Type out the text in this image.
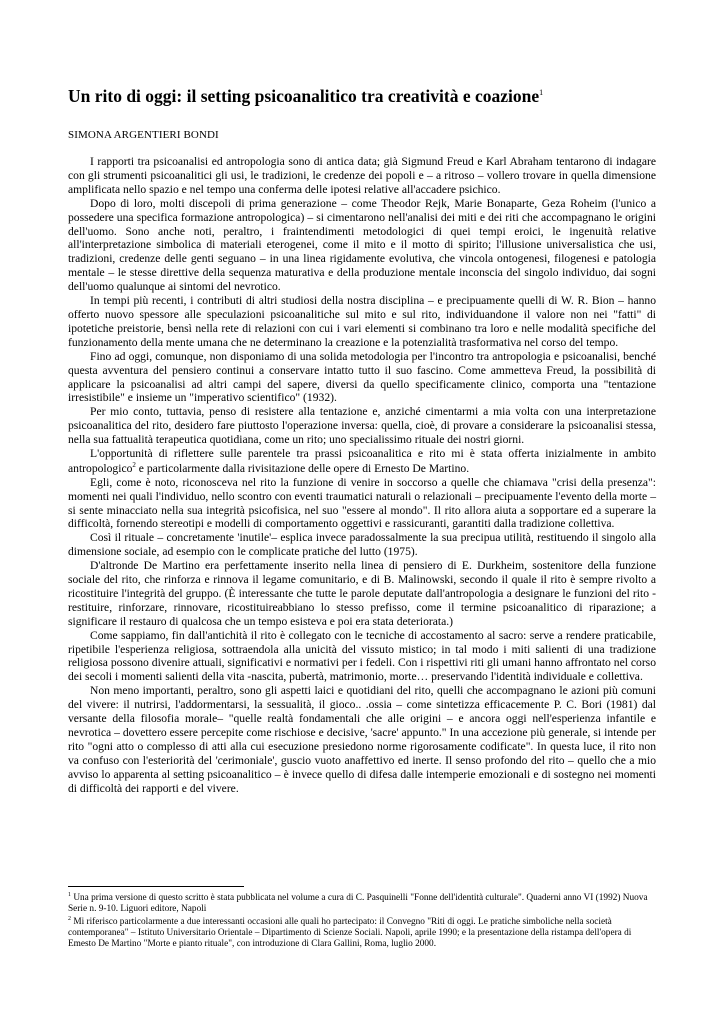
Un rito di oggi: il setting psicoanalitico tra creatività e coazione$^1$
SIMONA ARGENTIERI BONDI

I rapporti tra psicoanalisi ed antropologia sono di antica data; già Sigmund Freud e Karl Abraham tentarono di indagare con gli strumenti psicoanalitici gli usi, le tradizioni, le credenze dei popoli e – a ritroso – vollero trovare in quella dimensione amplificata nello spazio e nel tempo una conferma delle ipotesi relative all'accadere psichico.

Dopo di loro, molti discepoli di prima generazione – come Theodor Rejk, Marie Bonaparte, Geza Roheim (l'unico a possedere una specifica formazione antropologica) – si cimentarono nell'analisi dei miti e dei riti che accompagnano le origini dell'uomo. Sono anche noti, peraltro, i fraintendimenti metodologici di quei tempi eroici, le ingenuità relative all'interpretazione simbolica di materiali eterogenei, come il mito e il motto di spirito; l'illusione universalistica che usi, tradizioni, credenze delle genti seguano – in una linea rigidamente evolutiva, che vincola ontogenesi, filogenesi e patologia mentale – le stesse direttive della sequenza maturativa e della produzione mentale inconscia del singolo individuo, dai sogni dell'uomo qualunque ai sintomi del nevrotico.

In tempi più recenti, i contributi di altri studiosi della nostra disciplina – e precipuamente quelli di W. R. Bion – hanno offerto nuovo spessore alle speculazioni psicoanalitiche sul mito e sul rito, individuandone il valore non nei "fatti" di ipotetiche preistorie, bensì nella rete di relazioni con cui i vari elementi si combinano tra loro e nelle modalità specifiche del funzionamento della mente umana che ne determinano la creazione e la potenzialità trasformativa nel corso del tempo.

Fino ad oggi, comunque, non disponiamo di una solida metodologia per l'incontro tra antropologia e psicoanalisi, benché questa avventura del pensiero continui a conservare intatto tutto il suo fascino. Come ammetteva Freud, la possibilità di applicare la psicoanalisi ad altri campi del sapere, diversi da quello specificamente clinico, comporta una "tentazione irresistibile" e insieme un "imperativo scientifico" (1932).

Per mio conto, tuttavia, penso di resistere alla tentazione e, anziché cimentarmi a mia volta con una interpretazione psicoanalitica del rito, desidero fare piuttosto l'operazione inversa: quella, cioè, di provare a considerare la psicoanalisi stessa, nella sua fattualità terapeutica quotidiana, come un rito; uno specialissimo rituale dei nostri giorni.

L'opportunità di riflettere sulle parentele tra prassi psicoanalitica e rito mi è stata offerta inizialmente in ambito antropologico$^2$ e particolarmente dalla rivisitazione delle opere di Ernesto De Martino.

Egli, come è noto, riconosceva nel rito la funzione di venire in soccorso a quelle che chiamava "crisi della presenza": momenti nei quali l'individuo, nello scontro con eventi traumatici naturali o relazionali – precipuamente l'evento della morte – si sente minacciato nella sua integrità psicofisica, nel suo "essere al mondo". Il rito allora aiuta a sopportare ed a superare la difficoltà, fornendo stereotipi e modelli di comportamento oggettivi e rassicuranti, garantiti dalla tradizione collettiva.

Così il rituale – concretamente 'inutile'– esplica invece paradossalmente la sua precipua utilità, restituendo il singolo alla dimensione sociale, ad esempio con le complicate pratiche del lutto (1975).

D'altronde De Martino era perfettamente inserito nella linea di pensiero di E. Durkheim, sostenitore della funzione sociale del rito, che rinforza e rinnova il legame comunitario, e di B. Malinowski, secondo il quale il rito è sempre rivolto a ricostituire l'integrità del gruppo. (È interessante che tutte le parole deputate dall'antropologia a designare le funzioni del rito -restituire, rinforzare, rinnovare, ricostituireabbiano lo stesso prefisso, come il termine psicoanalitico di riparazione; a significare il restauro di qualcosa che un tempo esisteva e poi era stata deteriorata.)

Come sappiamo, fin dall'antichità il rito è collegato con le tecniche di accostamento al sacro: serve a rendere praticabile, ripetibile l'esperienza religiosa, sottraendola alla unicità del vissuto mistico; in tal modo i miti salienti di una tradizione religiosa possono divenire attuali, significativi e normativi per i fedeli. Con i rispettivi riti gli umani hanno affrontato nel corso dei secoli i momenti salienti della vita -nascita, pubertà, matrimonio, morte… preservando l'identità individuale e collettiva.

Non meno importanti, peraltro, sono gli aspetti laici e quotidiani del rito, quelli che accompagnano le azioni più comuni del vivere: il nutrirsi, l'addormentarsi, la sessualità, il gioco.. .ossia – come sintetizza efficacemente P. C. Bori (1981) dal versante della filosofia morale– "quelle realtà fondamentali che alle origini – e ancora oggi nell'esperienza infantile e nevrotica – dovettero essere percepite come rischiose e decisive, 'sacre' appunto." In una accezione più generale, si intende per rito "ogni atto o complesso di atti alla cui esecuzione presiedono norme rigorosamente codificate". In questa luce, il rito non va confuso con l'esteriorità del 'cerimoniale', guscio vuoto anaffettivo ed inerte. Il senso profondo del rito – quello che a mio avviso lo apparenta al setting psicoanalitico – è invece quello di difesa dalle intemperie emozionali e di sostegno nei momenti di difficoltà dei rapporti e del vivere.

$^1$ Una prima versione di questo scritto è stata pubblicata nel volume a cura di C. Pasquinelli "Fonne dell'identità culturale". Quaderni anno VI (1992) Nuova Serie n. 9-10. Liguori editore, Napoli

$^2$ Mi riferisco particolarmente a due interessanti occasioni alle quali ho partecipato: il Convegno "Riti di oggi. Le pratiche simboliche nella società contemporanea" – Istituto Universitario Orientale – Dipartimento di Scienze Sociali. Napoli, aprile 1990; e la presentazione della ristampa dell'opera di Emesto De Martino "Morte e pianto rituale", con introduzione di Clara Gallini, Roma, luglio 2000.
